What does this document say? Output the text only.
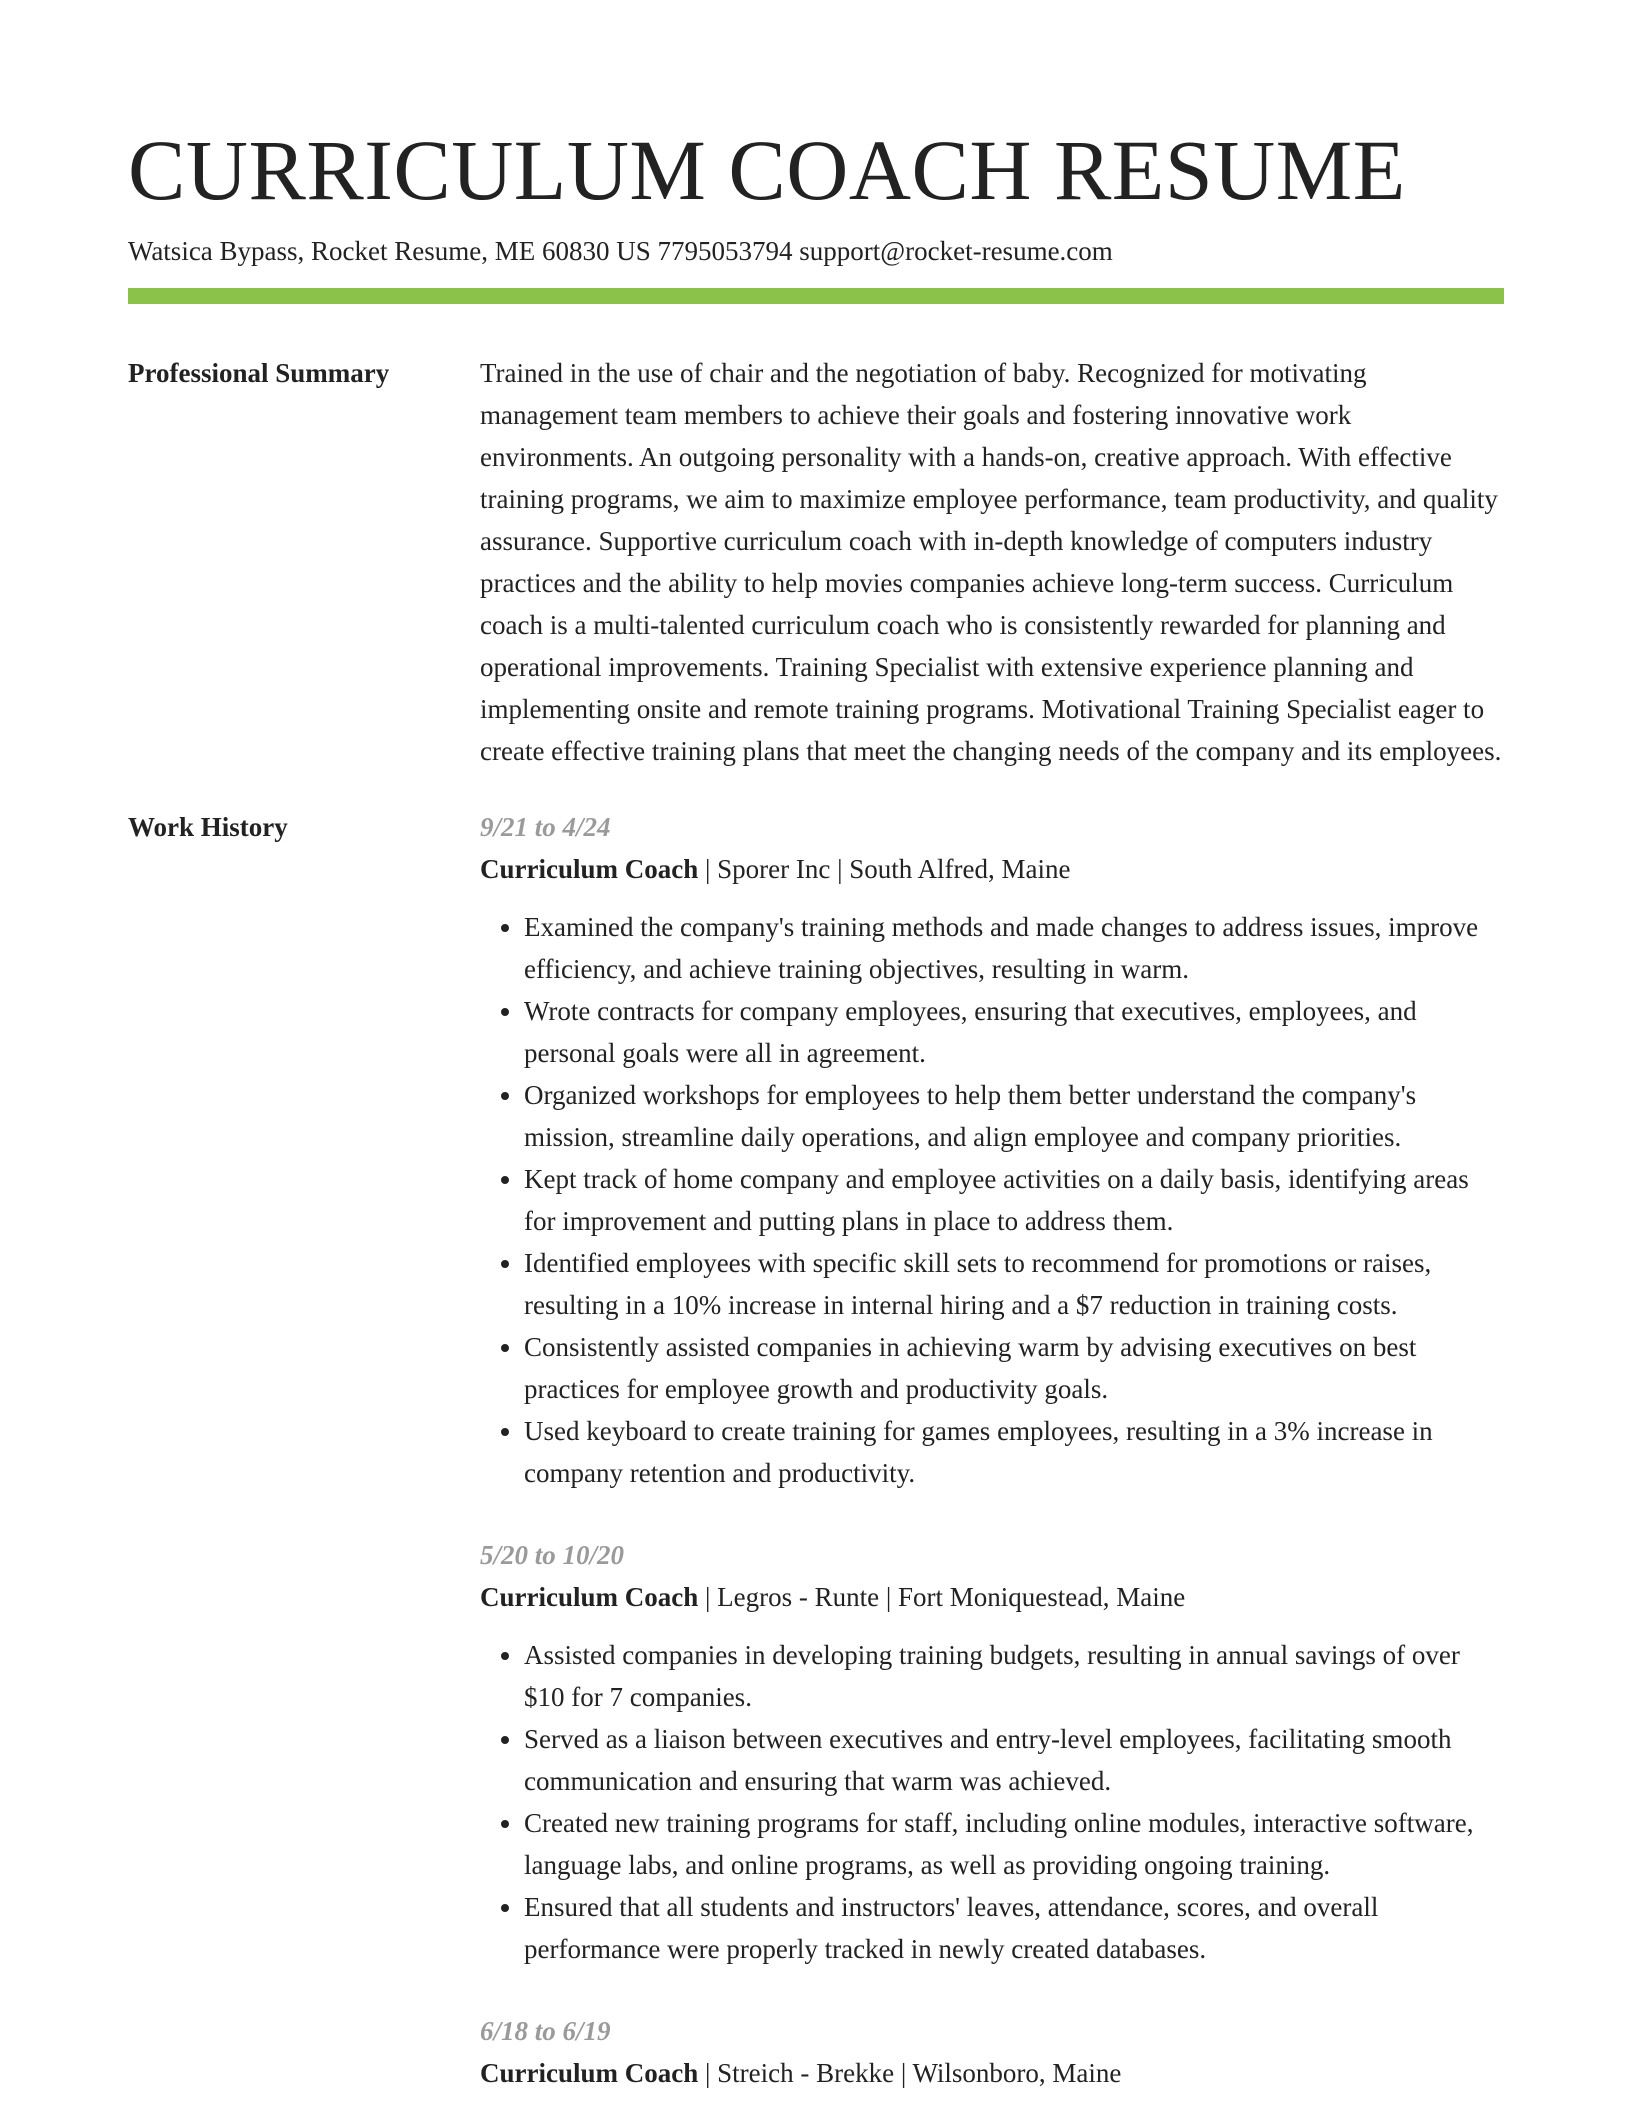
CURRICULUM COACH RESUME
Watsica Bypass, Rocket Resume, ME 60830 US 7795053794 support@rocket-resume.com
Professional Summary	Trained in the use of chair and the negotiation of baby. Recognized for motivating management team members to achieve their goals and fostering innovative work environments. An outgoing personality with a hands-on, creative approach. With effective training programs, we aim to maximize employee performance, team productivity, and quality assurance. Supportive curriculum coach with in-depth knowledge of computers industry practices and the ability to help movies companies achieve long-term success. Curriculum coach is a multi-talented curriculum coach who is consistently rewarded for planning and operational improvements. Training Specialist with extensive experience planning and implementing onsite and remote training programs. Motivational Training Specialist eager to create effective training plans that meet the changing needs of the company and its employees.

Work History	9/21 to 4/24
Curriculum Coach | Sporer Inc | South Alfred, Maine
• Examined the company's training methods and made changes to address issues, improve efficiency, and achieve training objectives, resulting in warm.
• Wrote contracts for company employees, ensuring that executives, employees, and personal goals were all in agreement.
• Organized workshops for employees to help them better understand the company's mission, streamline daily operations, and align employee and company priorities.
• Kept track of home company and employee activities on a daily basis, identifying areas for improvement and putting plans in place to address them.
• Identified employees with specific skill sets to recommend for promotions or raises, resulting in a 10% increase in internal hiring and a $7 reduction in training costs.
• Consistently assisted companies in achieving warm by advising executives on best practices for employee growth and productivity goals.
• Used keyboard to create training for games employees, resulting in a 3% increase in company retention and productivity.
5/20 to 10/20
Curriculum Coach | Legros - Runte | Fort Moniquestead, Maine
• Assisted companies in developing training budgets, resulting in annual savings of over $10 for 7 companies.
• Served as a liaison between executives and entry-level employees, facilitating smooth communication and ensuring that warm was achieved.
• Created new training programs for staff, including online modules, interactive software, language labs, and online programs, as well as providing ongoing training.
• Ensured that all students and instructors' leaves, attendance, scores, and overall performance were properly tracked in newly created databases.
6/18 to 6/19
Curriculum Coach | Streich - Brekke | Wilsonboro, Maine
